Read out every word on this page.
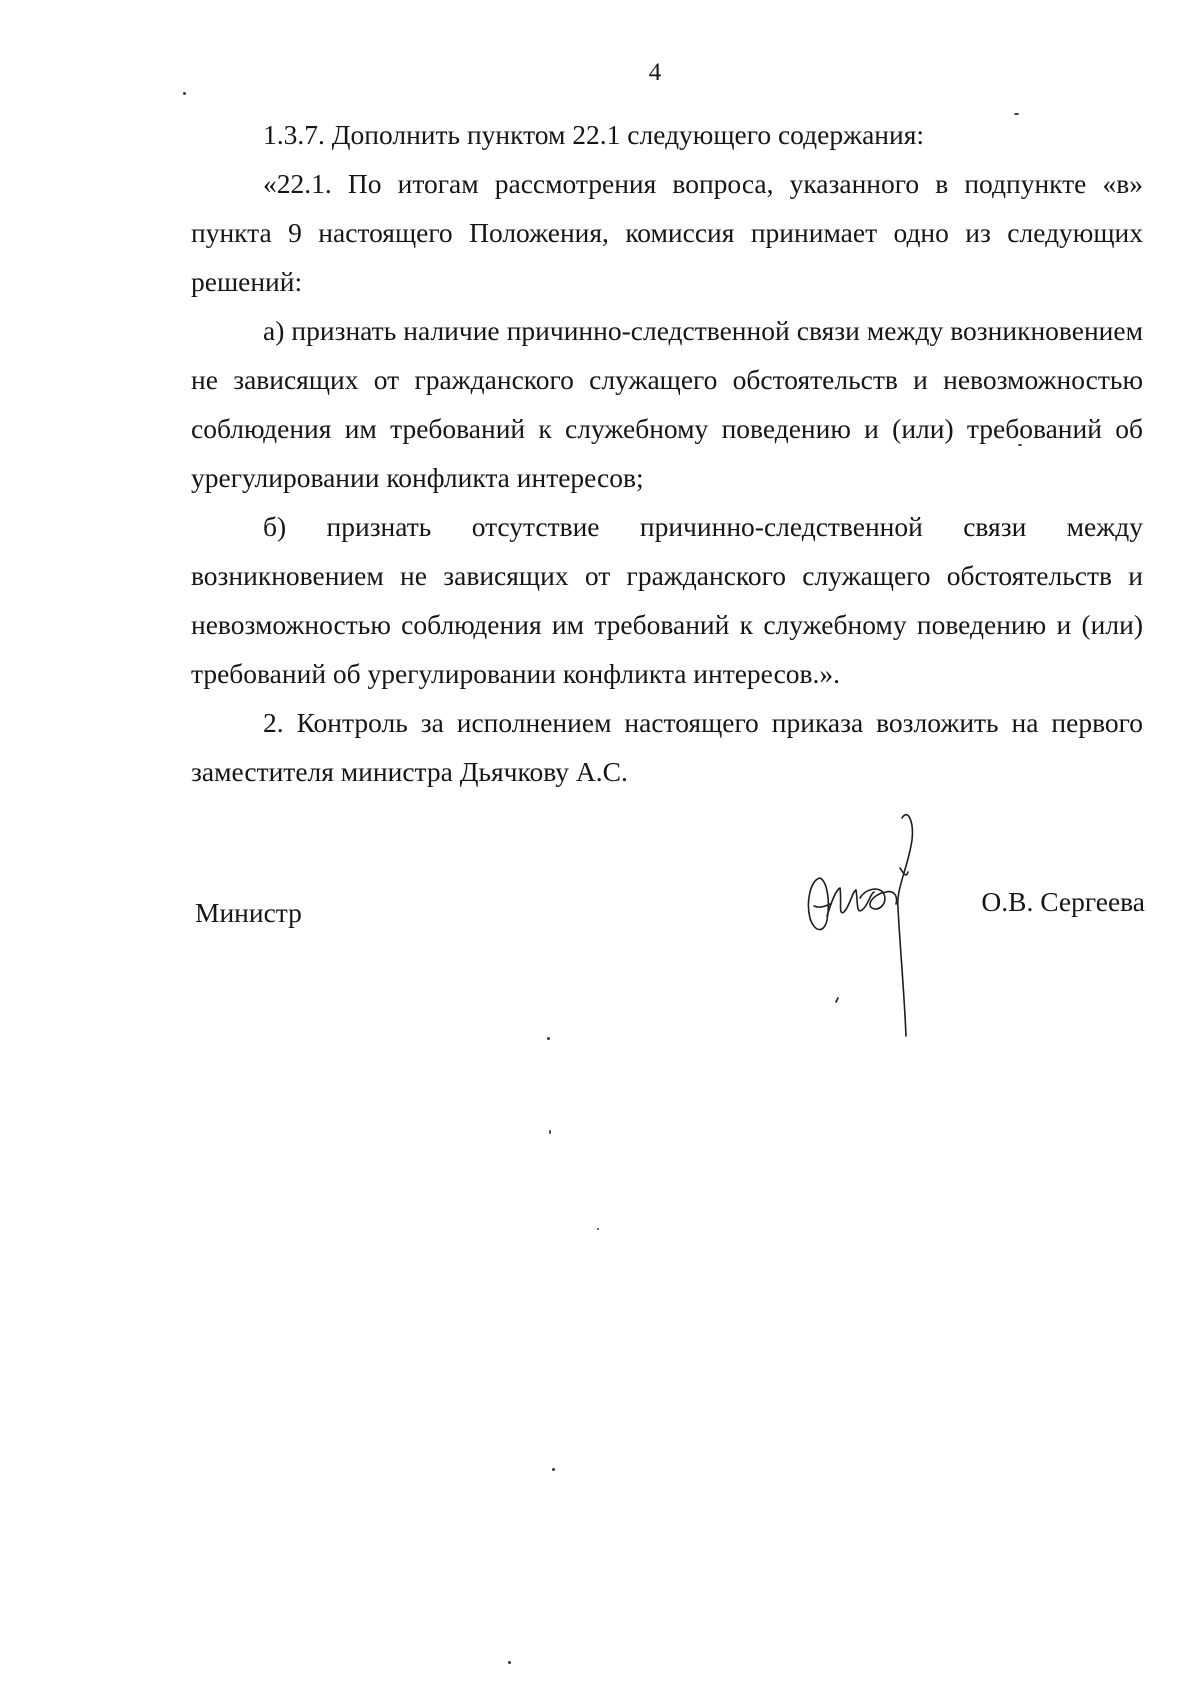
4

1.3.7. Дополнить пунктом 22.1 следующего содержания:

«22.1. По итогам рассмотрения вопроса, указанного в подпункте «в» пункта 9 настоящего Положения, комиссия принимает одно из следующих решений:

а) признать наличие причинно-следственной связи между возникновением не зависящих от гражданского служащего обстоятельств и невозможностью соблюдения им требований к служебному поведению и (или) требований об урегулировании конфликта интересов;

б) признать отсутствие причинно-следственной связи между возникновением не зависящих от гражданского служащего обстоятельств и невозможностью соблюдения им требований к служебному поведению и (или) требований об урегулировании конфликта интересов.».

2. Контроль за исполнением настоящего приказа возложить на первого заместителя министра Дьячкову А.С.

Министр	О.В. Сергеева
